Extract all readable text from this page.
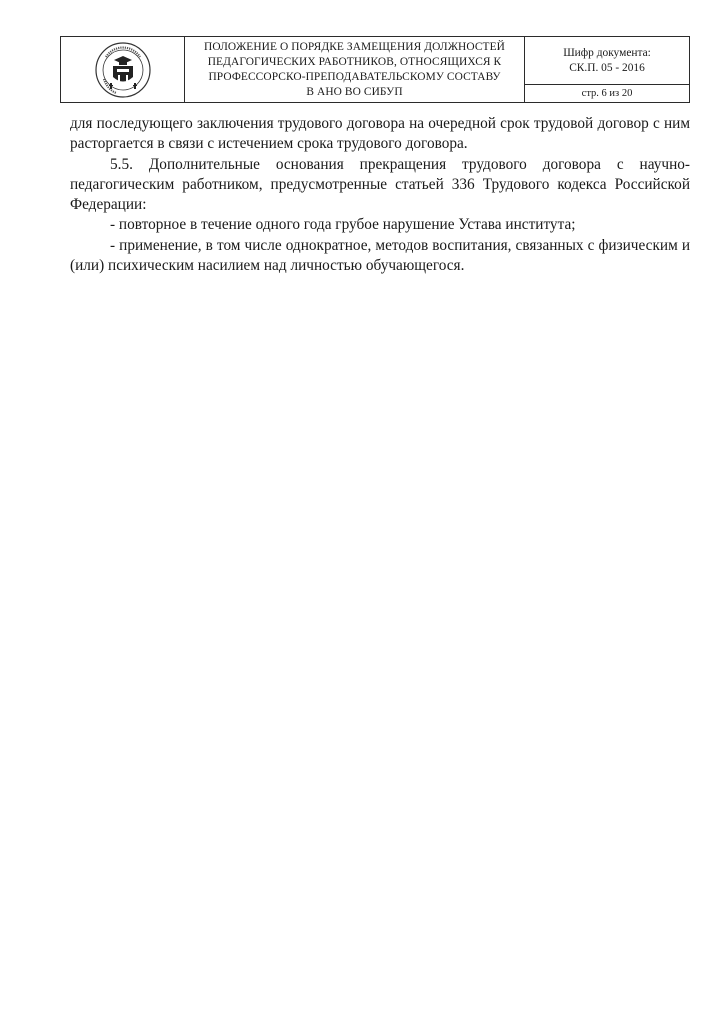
ПОЛОЖЕНИЕ О ПОРЯДКЕ ЗАМЕЩЕНИЯ ДОЛЖНОСТЕЙ
ПЕДАГОГИЧЕСКИХ РАБОТНИКОВ, ОТНОСЯЩИХСЯ К
ПРОФЕССОРСКО-ПРЕПОДАВАТЕЛЬСКОМУ СОСТАВУ
В АНО ВО СИБУП
Шифр документа:
СК.П. 05 - 2016
стр. 6 из 20

для последующего заключения трудового договора на очередной срок трудовой договор с ним расторгается в связи с истечением срока трудового договора.

5.5. Дополнительные основания прекращения трудового договора с научно- педагогическим работником, предусмотренные статьей 336 Трудового кодекса Российской Федерации:

- повторное в течение одного года грубое нарушение Устава института;

- применение, в том числе однократное, методов воспитания, связанных с физическим и (или) психическим насилием над личностью обучающегося.
